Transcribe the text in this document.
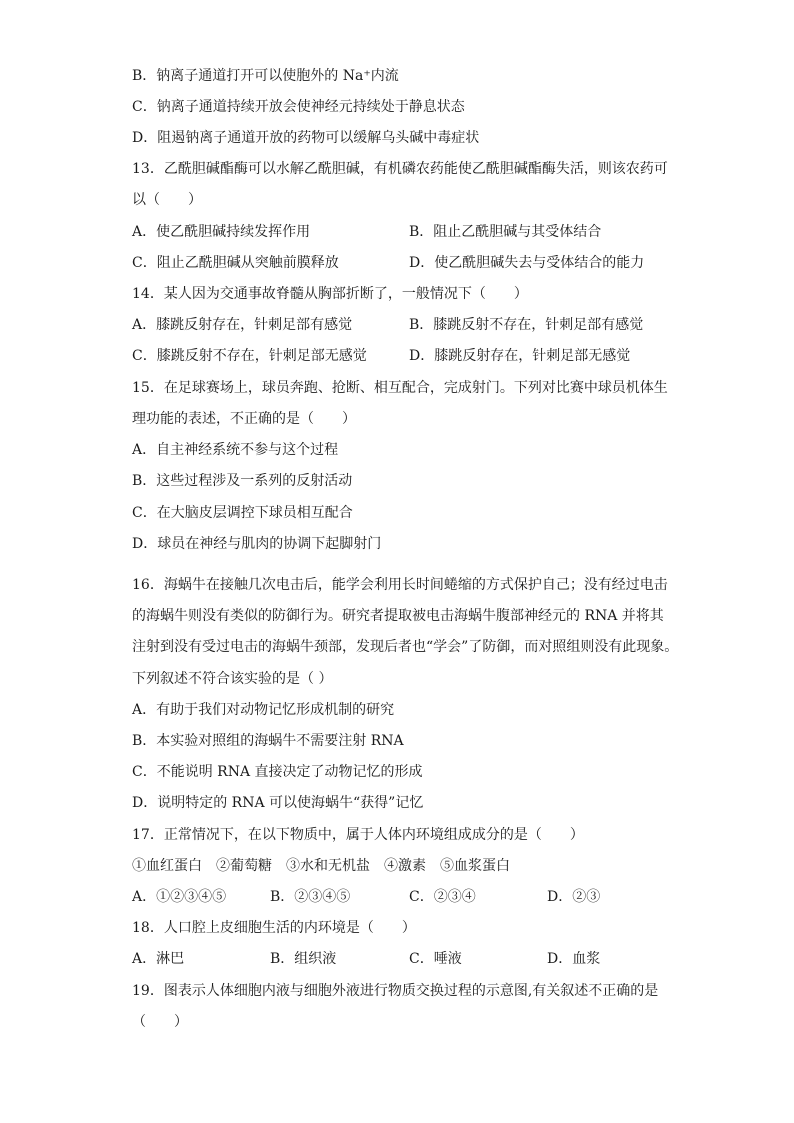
B．钠离子通道打开可以使胞外的 Na⁺内流
C．钠离子通道持续开放会使神经元持续处于静息状态
D．阻遏钠离子通道开放的药物可以缓解乌头碱中毒症状
13．乙酰胆碱酯酶可以水解乙酰胆碱，有机磷农药能使乙酰胆碱酯酶失活，则该农药可
以（　　）
A．使乙酰胆碱持续发挥作用	B．阻止乙酰胆碱与其受体结合
C．阻止乙酰胆碱从突触前膜释放	D．使乙酰胆碱失去与受体结合的能力
14．某人因为交通事故脊髓从胸部折断了，一般情况下（　　）
A．膝跳反射存在，针刺足部有感觉	B．膝跳反射不存在，针刺足部有感觉
C．膝跳反射不存在，针刺足部无感觉	D．膝跳反射存在，针刺足部无感觉
15．在足球赛场上，球员奔跑、抢断、相互配合，完成射门。下列对比赛中球员机体生
理功能的表述，不正确的是（　　）
A．自主神经系统不参与这个过程
B．这些过程涉及一系列的反射活动
C．在大脑皮层调控下球员相互配合
D．球员在神经与肌肉的协调下起脚射门
16．海蜗牛在接触几次电击后，能学会利用长时间蜷缩的方式保护自己；没有经过电击
的海蜗牛则没有类似的防御行为。研究者提取被电击海蜗牛腹部神经元的 RNA 并将其
注射到没有受过电击的海蜗牛颈部，发现后者也“学会”了防御，而对照组则没有此现象。
下列叙述不符合该实验的是（ ）
A．有助于我们对动物记忆形成机制的研究
B．本实验对照组的海蜗牛不需要注射 RNA
C．不能说明 RNA 直接决定了动物记忆的形成
D．说明特定的 RNA 可以使海蜗牛“获得”记忆
17．正常情况下，在以下物质中，属于人体内环境组成成分的是（　　）
①血红蛋白　②葡萄糖　③水和无机盐　④激素　⑤血浆蛋白
A．①②③④⑤	B．②③④⑤	C．②③④	D．②③
18．人口腔上皮细胞生活的内环境是（　　）
A．淋巴	B．组织液	C．唾液	D．血浆
19．图表示人体细胞内液与细胞外液进行物质交换过程的示意图,有关叙述不正确的是
（　　）
